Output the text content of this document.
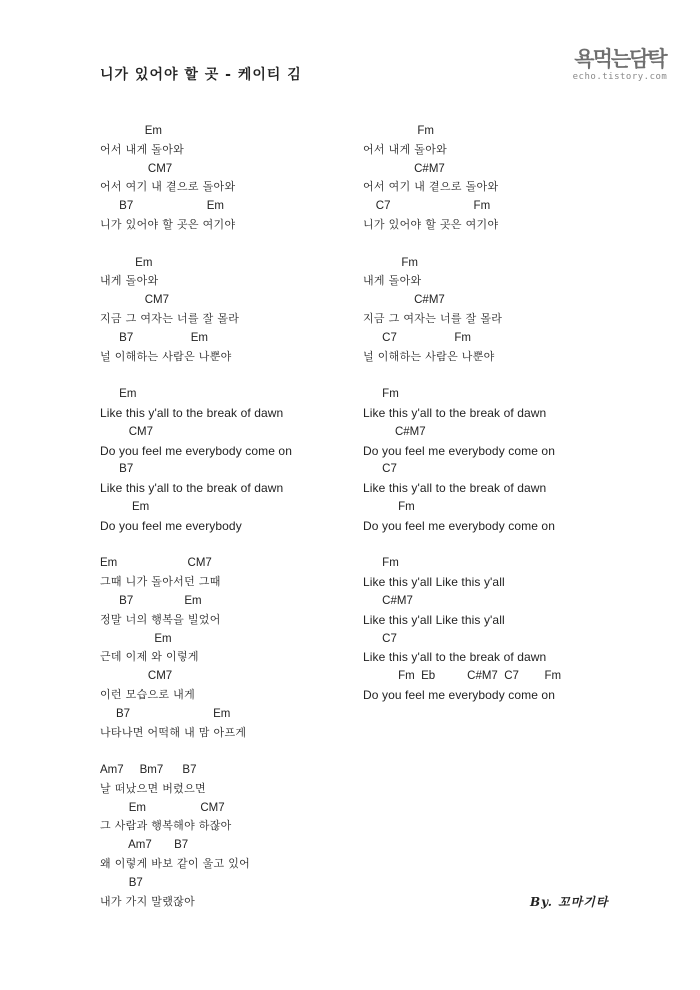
니가 있어야 할 곳 - 케이티 김
욕먹는담탁
echo.tistory.com
Em
어서 내게 돌아와
CM7
어서 여기 내 곁으로 돌아와
B7                       Em
니가 있어야 할 곳은 여기야
Em
내게 돌아와
CM7
지금 그 여자는 너를 잘 몰라
B7                  Em
널 이해하는 사람은 나뿐야
Em
Like this y'all to the break of dawn
CM7
Do you feel me everybody come on
B7
Like this y'all to the break of dawn
Em
Do you feel me everybody
Em                      CM7
그때 니가 돌아서던 그때
B7                Em
정말 너의 행복을 빌었어
Em
근데 이제 와 이렇게
CM7
이런 모습으로 내게
B7                          Em
나타나면 어떡해 내 맘 아프게
Am7     Bm7      B7
날 떠났으면 버렸으면
Em                 CM7
그 사람과 행복해야 하잖아
Am7       B7
왜 이렇게 바보 같이 울고 있어
B7
내가 가지 말랬잖아
Fm
어서 내게 돌아와
C#M7
어서 여기 내 곁으로 돌아와
C7                          Fm
니가 있어야 할 곳은 여기야
Fm
내게 돌아와
C#M7
지금 그 여자는 너를 잘 몰라
C7                  Fm
널 이해하는 사람은 나뿐야
Fm
Like this y'all to the break of dawn
C#M7
Do you feel me everybody come on
C7
Like this y'all to the break of dawn
Fm
Do you feel me everybody come on
Fm
Like this y'all Like this y'all
C#M7
Like this y'all Like this y'all
C7
Like this y'all to the break of dawn
Fm  Eb          C#M7  C7        Fm
Do you feel me everybody come on
By. 꼬마기타
